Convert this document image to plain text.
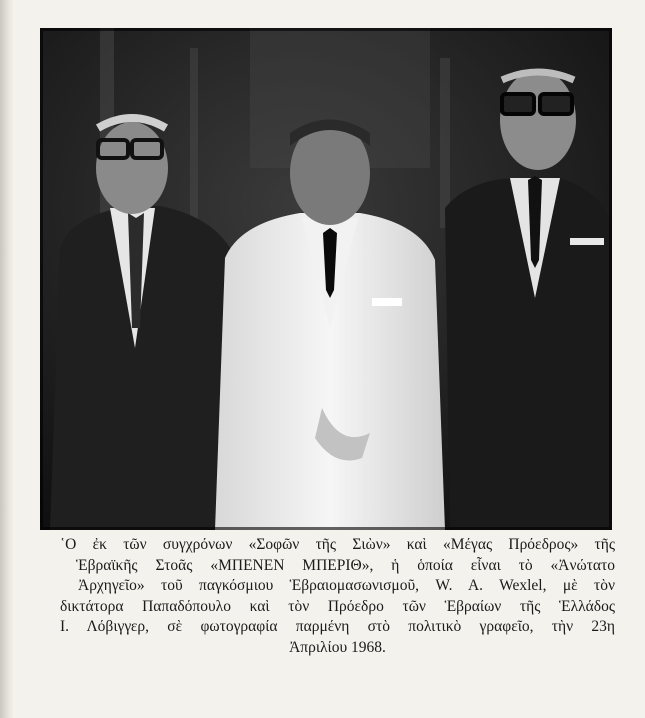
῾Ο ἐκ τῶν συγχρόνων «Σοφῶν τῆς Σιὼν» καὶ «Μέγας Πρόεδρος» τῆς
Ἑβραϊκῆς Στοᾶς «ΜΠΕΝΕΝ ΜΠΕΡΙΘ», ἡ ὁποία εἶναι τὸ «Ἀνώτατο
Ἀρχηγεῖο» τοῦ παγκόσμιου Ἑβραιομασωνισμοῦ, W. A. Wexlel, μὲ τὸν
δικτάτορα Παπαδόπουλο καὶ τὸν Πρόεδρο τῶν Ἑβραίων τῆς Ἑλλάδος
Ι. Λόβιγγερ, σὲ φωτογραφία παρμένη στὸ πολιτικὸ γραφεῖο, τὴν 23η
Ἀπριλίου 1968.
